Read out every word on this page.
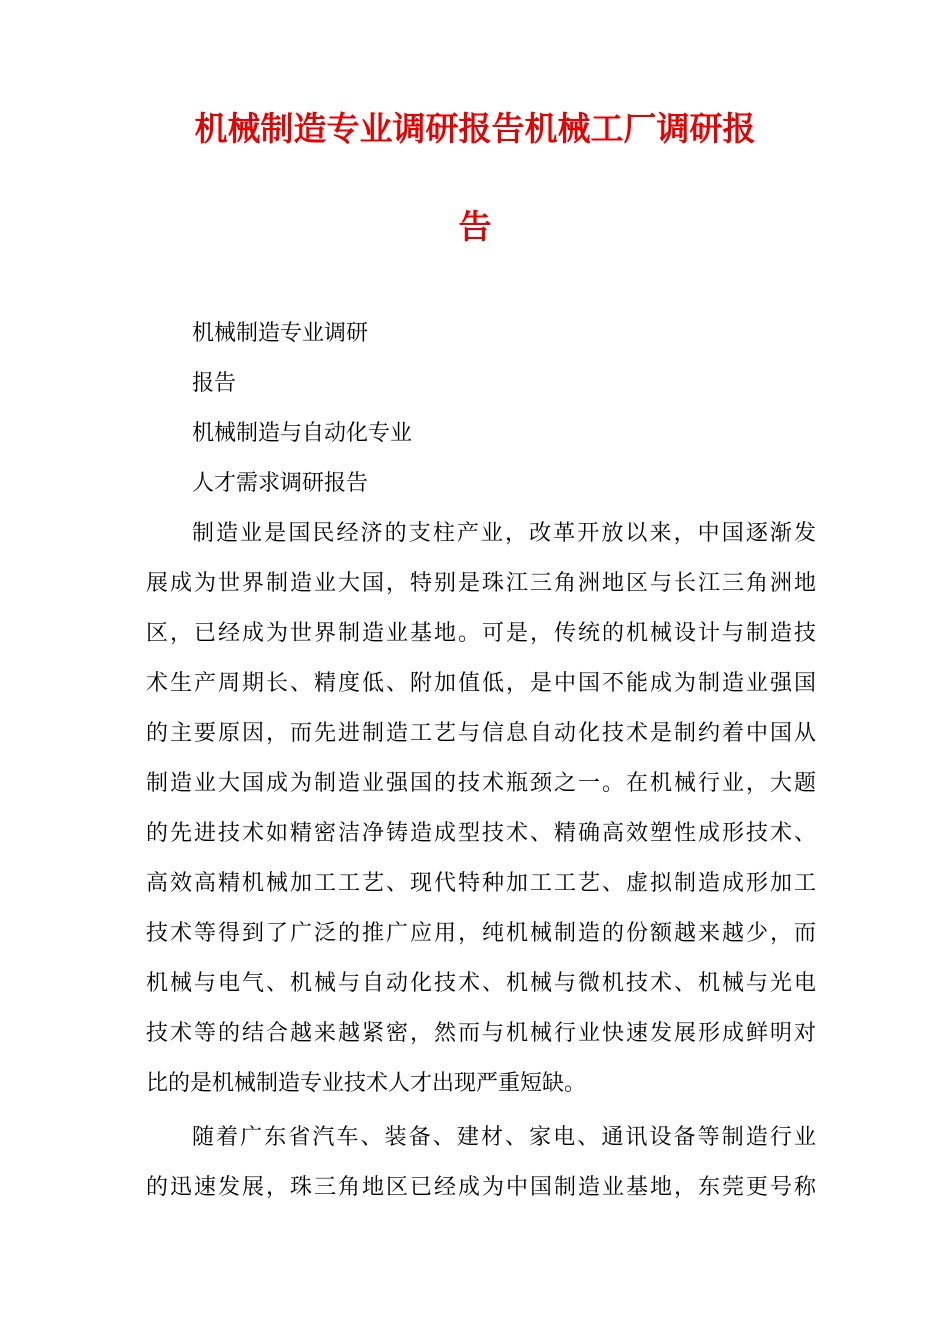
机械制造专业调研报告机械工厂调研报
告
机械制造专业调研
报告
机械制造与自动化专业
人才需求调研报告
制造业是国民经济的支柱产业，改革开放以来，中国逐渐发
展成为世界制造业大国，特别是珠江三角洲地区与长江三角洲地
区，已经成为世界制造业基地。可是，传统的机械设计与制造技
术生产周期长、精度低、附加值低，是中国不能成为制造业强国
的主要原因，而先进制造工艺与信息自动化技术是制约着中国从
制造业大国成为制造业强国的技术瓶颈之一。在机械行业，大题
的先进技术如精密洁净铸造成型技术、精确高效塑性成形技术、
高效高精机械加工工艺、现代特种加工工艺、虚拟制造成形加工
技术等得到了广泛的推广应用，纯机械制造的份额越来越少，而
机械与电气、机械与自动化技术、机械与微机技术、机械与光电
技术等的结合越来越紧密，然而与机械行业快速发展形成鲜明对
比的是机械制造专业技术人才出现严重短缺。
随着广东省汽车、装备、建材、家电、通讯设备等制造行业
的迅速发展，珠三角地区已经成为中国制造业基地，东莞更号称
